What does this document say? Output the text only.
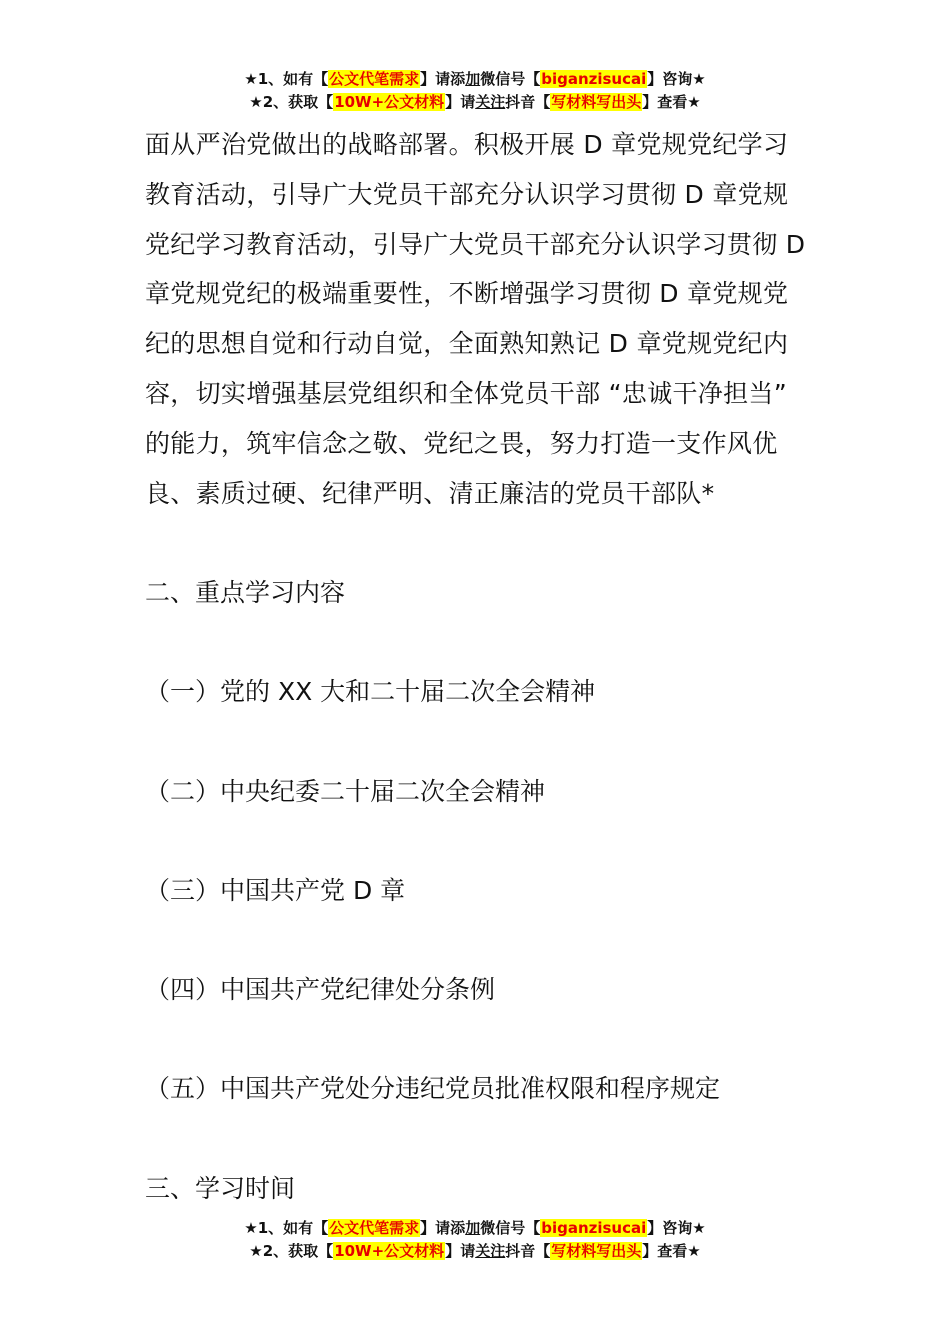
★1、如有【公文代笔需求】请添加微信号【biganzisucai】咨询★
★2、获取【10W+公文材料】请关注抖音【写材料写出头】查看★

面从严治党做出的战略部署。积极开展 D 章党规党纪学习教育活动，引导广大党员干部充分认识学习贯彻 D 章党规党纪学习教育活动，引导广大党员干部充分认识学习贯彻 D 章党规党纪的极端重要性，不断增强学习贯彻 D 章党规党纪的思想自觉和行动自觉，全面熟知熟记 D 章党规党纪内容，切实增强基层党组织和全体党员干部 “忠诚干净担当” 的能力，筑牢信念之敬、党纪之畏，努力打造一支作风优良、素质过硬、纪律严明、清正廉洁的党员干部队*

二、重点学习内容

（一）党的 XX 大和二十届二次全会精神

（二）中央纪委二十届二次全会精神

（三）中国共产党 D 章

（四）中国共产党纪律处分条例

（五）中国共产党处分违纪党员批准权限和程序规定

三、学习时间

★1、如有【公文代笔需求】请添加微信号【biganzisucai】咨询★
★2、获取【10W+公文材料】请关注抖音【写材料写出头】查看★
